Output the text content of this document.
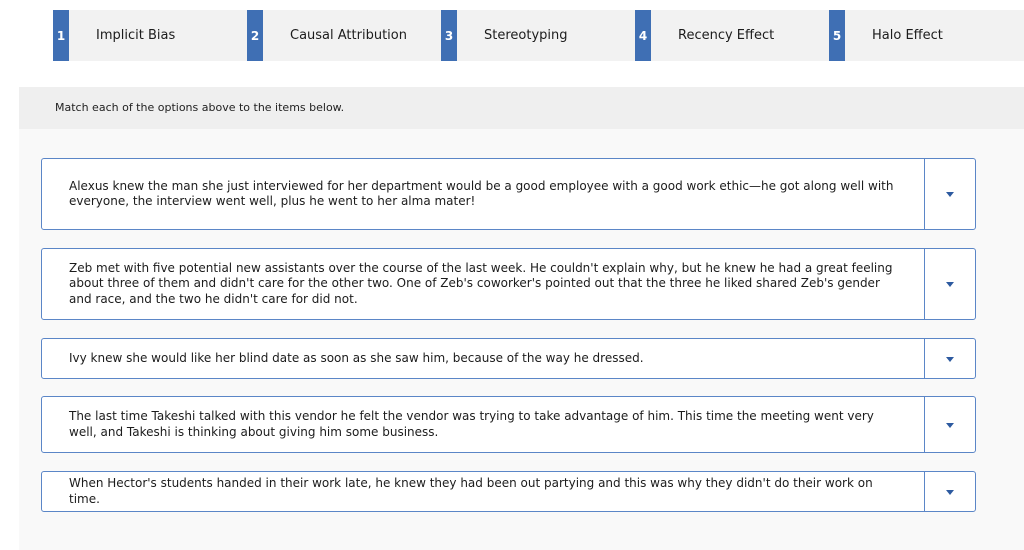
1 Implicit Bias	2 Causal Attribution	3 Stereotyping	4 Recency Effect	5 Halo Effect
Match each of the options above to the items below.
Alexus knew the man she just interviewed for her department would be a good employee with a good work ethic—he got along well with everyone, the interview went well, plus he went to her alma mater!
Zeb met with five potential new assistants over the course of the last week. He couldn't explain why, but he knew he had a great feeling about three of them and didn't care for the other two. One of Zeb's coworker's pointed out that the three he liked shared Zeb's gender and race, and the two he didn't care for did not.
Ivy knew she would like her blind date as soon as she saw him, because of the way he dressed.
The last time Takeshi talked with this vendor he felt the vendor was trying to take advantage of him. This time the meeting went very well, and Takeshi is thinking about giving him some business.
When Hector's students handed in their work late, he knew they had been out partying and this was why they didn't do their work on time.
